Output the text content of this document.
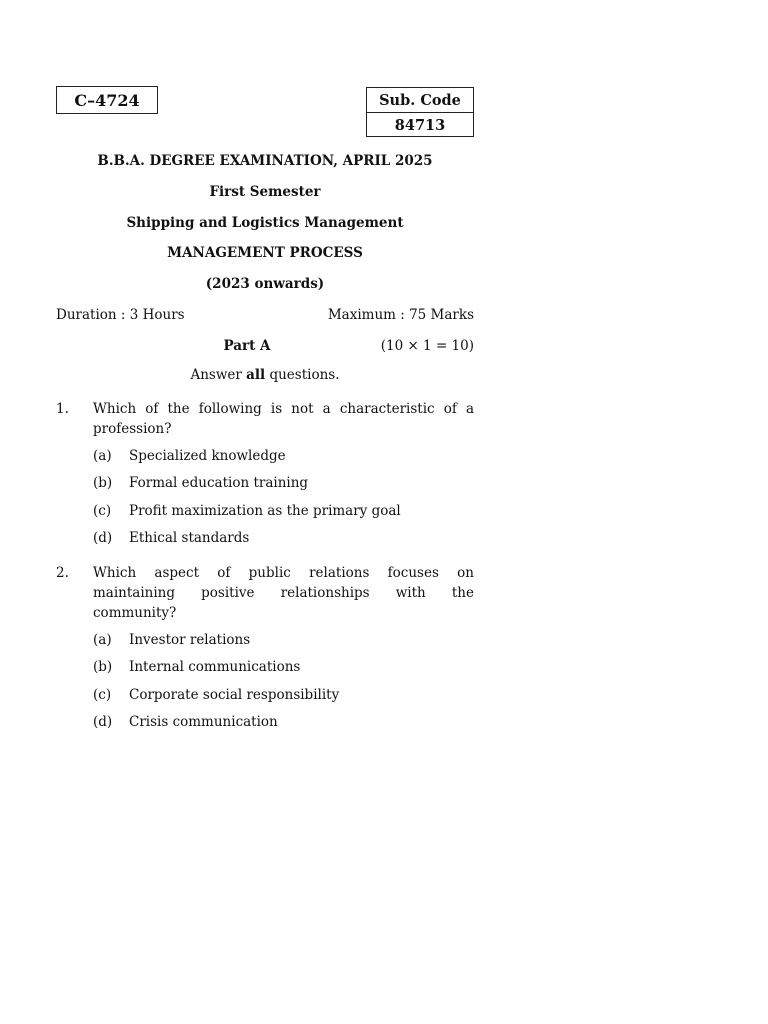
C–4724	Sub. Code
84713
B.B.A. DEGREE EXAMINATION, APRIL 2025
First Semester
Shipping and Logistics Management
MANAGEMENT PROCESS
(2023 onwards)
Duration : 3 Hours	Maximum : 75 Marks
Part A	(10 × 1 = 10)
Answer all questions.
1.	Which of the following is not a characteristic of a profession?
(a)	Specialized knowledge
(b)	Formal education training
(c)	Profit maximization as the primary goal
(d)	Ethical standards
2.	Which aspect of public relations focuses on maintaining positive relationships with the community?
(a)	Investor relations
(b)	Internal communications
(c)	Corporate social responsibility
(d)	Crisis communication
